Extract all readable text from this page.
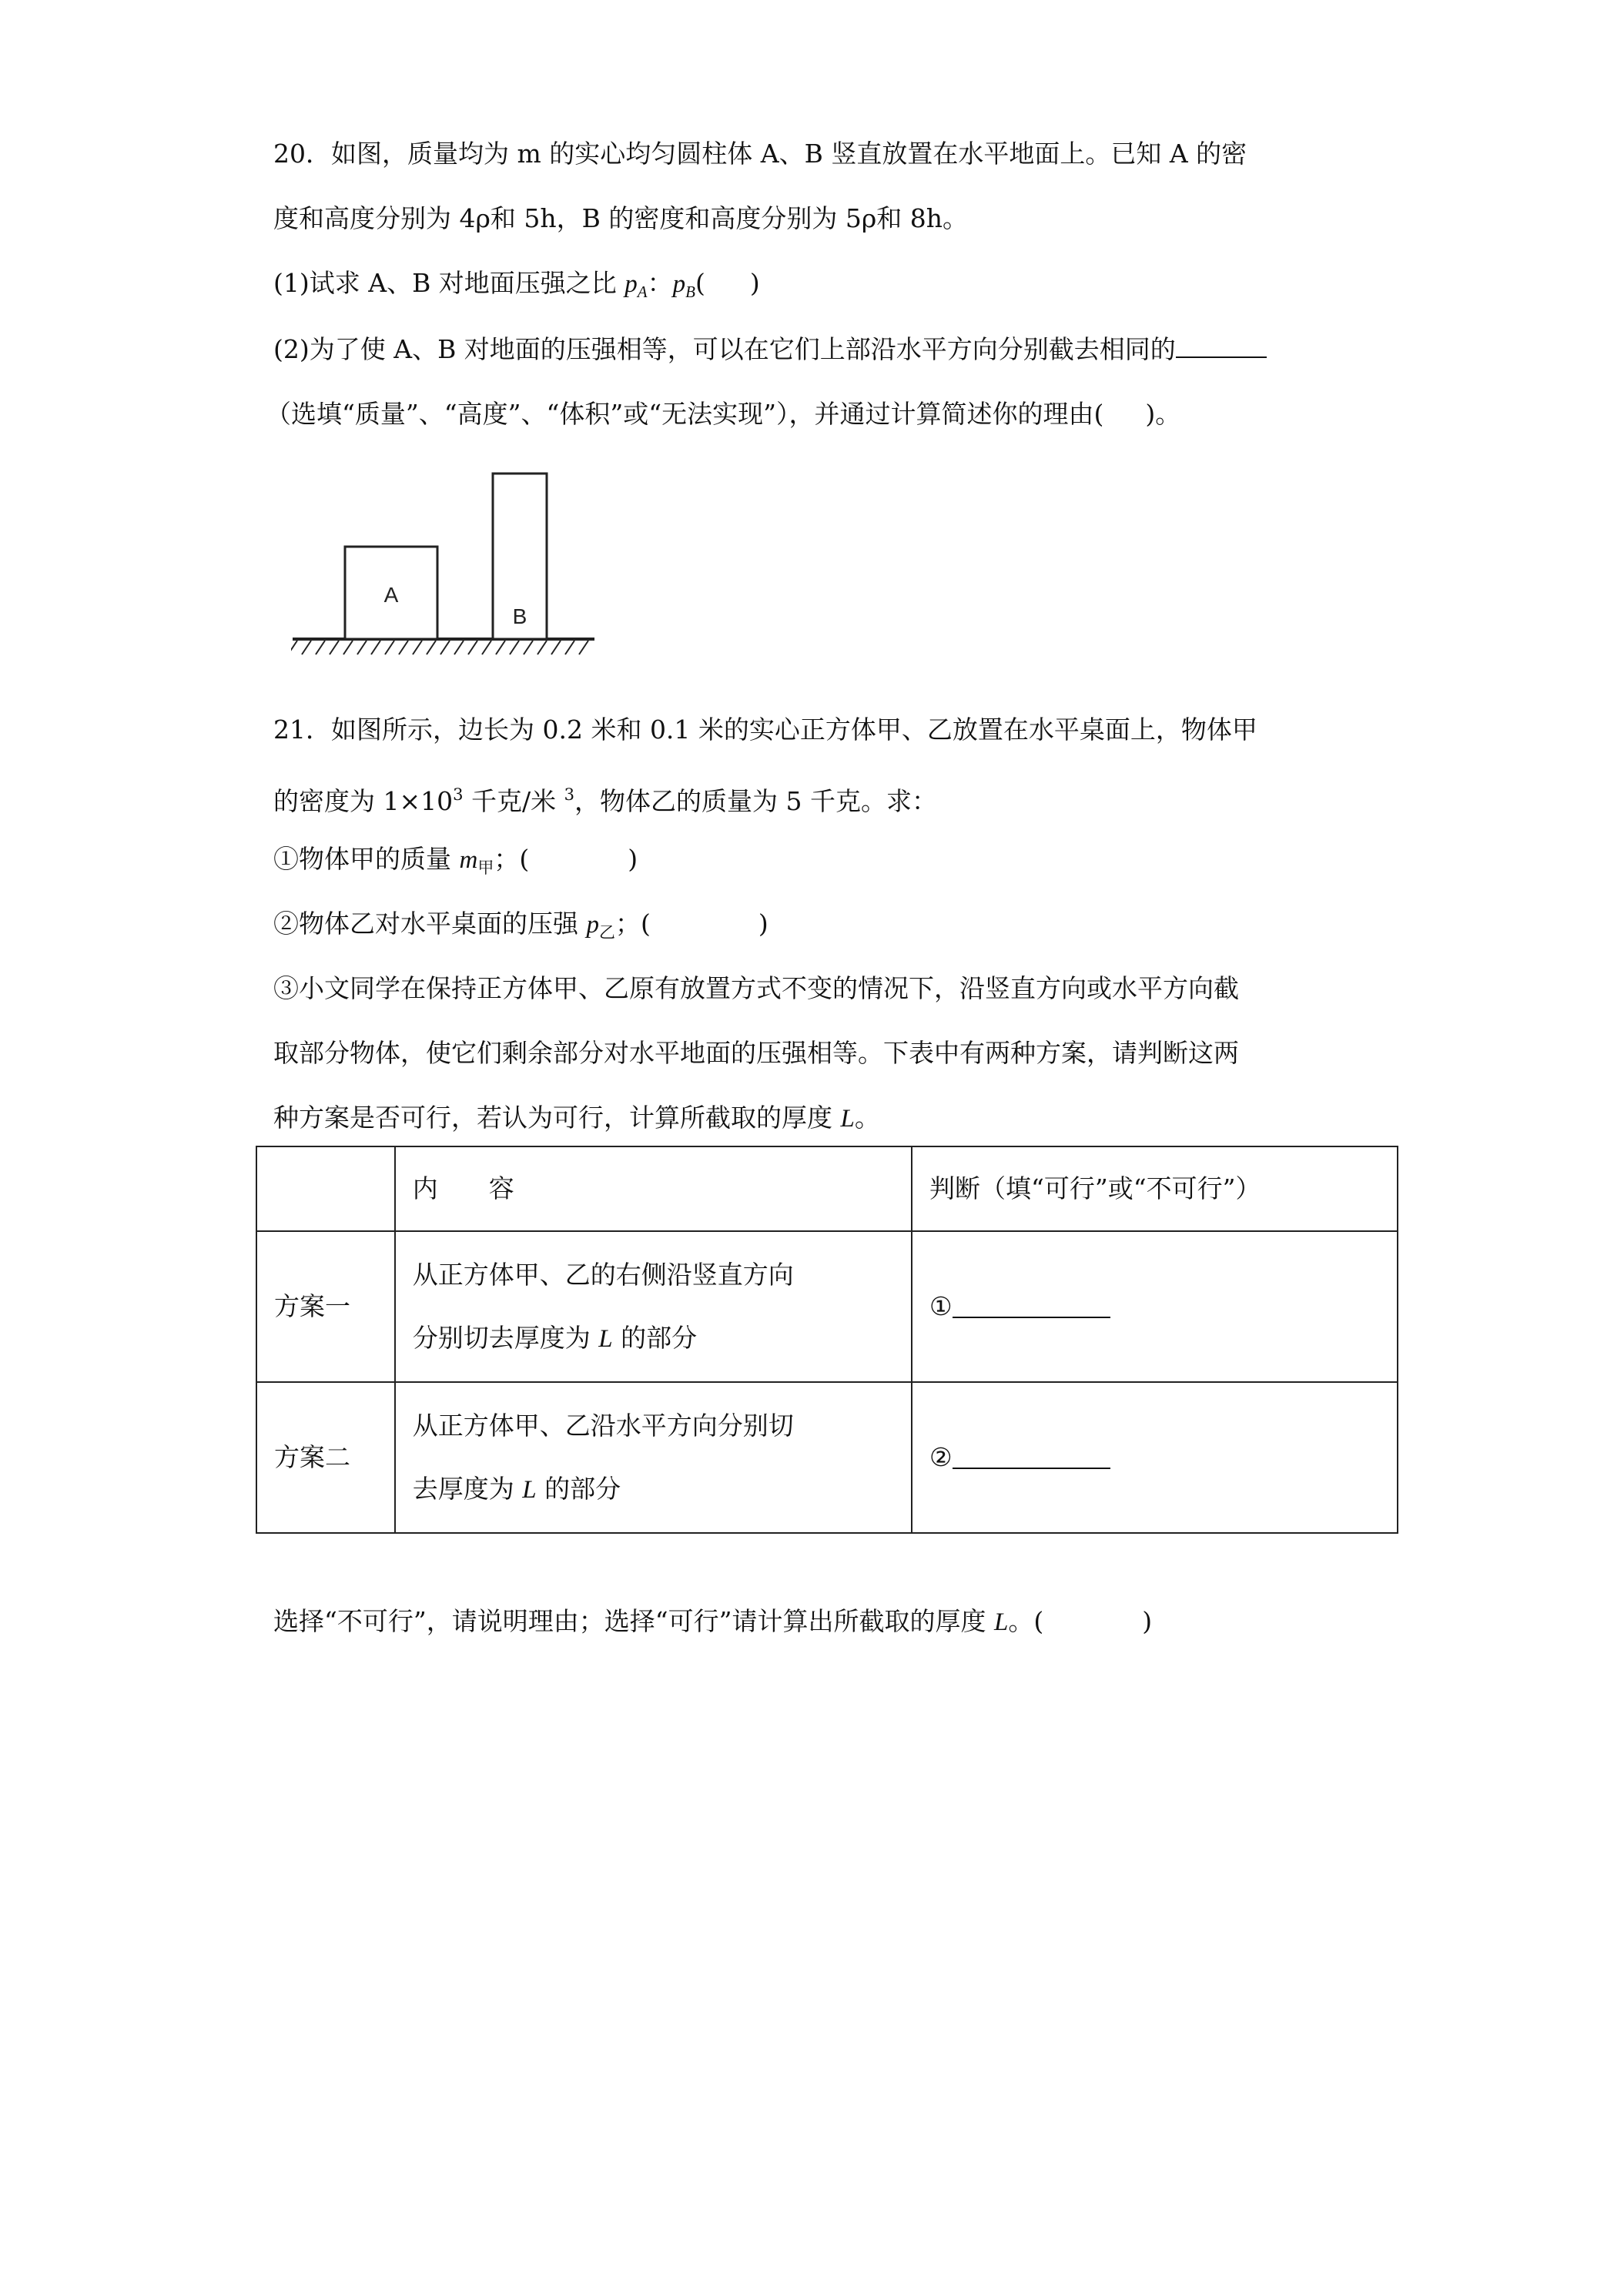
20．如图，质量均为 m 的实心均匀圆柱体 A、B 竖直放置在水平地面上。已知 A 的密
度和高度分别为 4ρ和 5h，B 的密度和高度分别为 5ρ和 8h。
(1)试求 A、B 对地面压强之比 $p_A$：$p_B$( )
(2)为了使 A、B 对地面的压强相等，可以在它们上部沿水平方向分别截去相同的
（选填“质量”、“高度”、“体积”或“无法实现”），并通过计算简述你的理由( )。
A
B
21．如图所示，边长为 0.2 米和 0.1 米的实心正方体甲、乙放置在水平桌面上，物体甲
的密度为 $1\times 10^3$ 千克/米 $^3$，物体乙的质量为 5 千克。求：
①物体甲的质量 $m_甲$；(	)
②物体乙对水平桌面的压强 $p_乙$；(	)
③小文同学在保持正方体甲、乙原有放置方式不变的情况下，沿竖直方向或水平方向截
取部分物体，使它们剩余部分对水平地面的压强相等。下表中有两种方案，请判断这两
种方案是否可行，若认为可行，计算所截取的厚度 L。
	内　　容	判断（填“可行”或“不可行”）
方案一	从正方体甲、乙的右侧沿竖直方向
分别切去厚度为 L 的部分	①
方案二	从正方体甲、乙沿水平方向分别切
去厚度为 L 的部分	②
选择“不可行”，请说明理由；选择“可行”请计算出所截取的厚度 L。(	)
